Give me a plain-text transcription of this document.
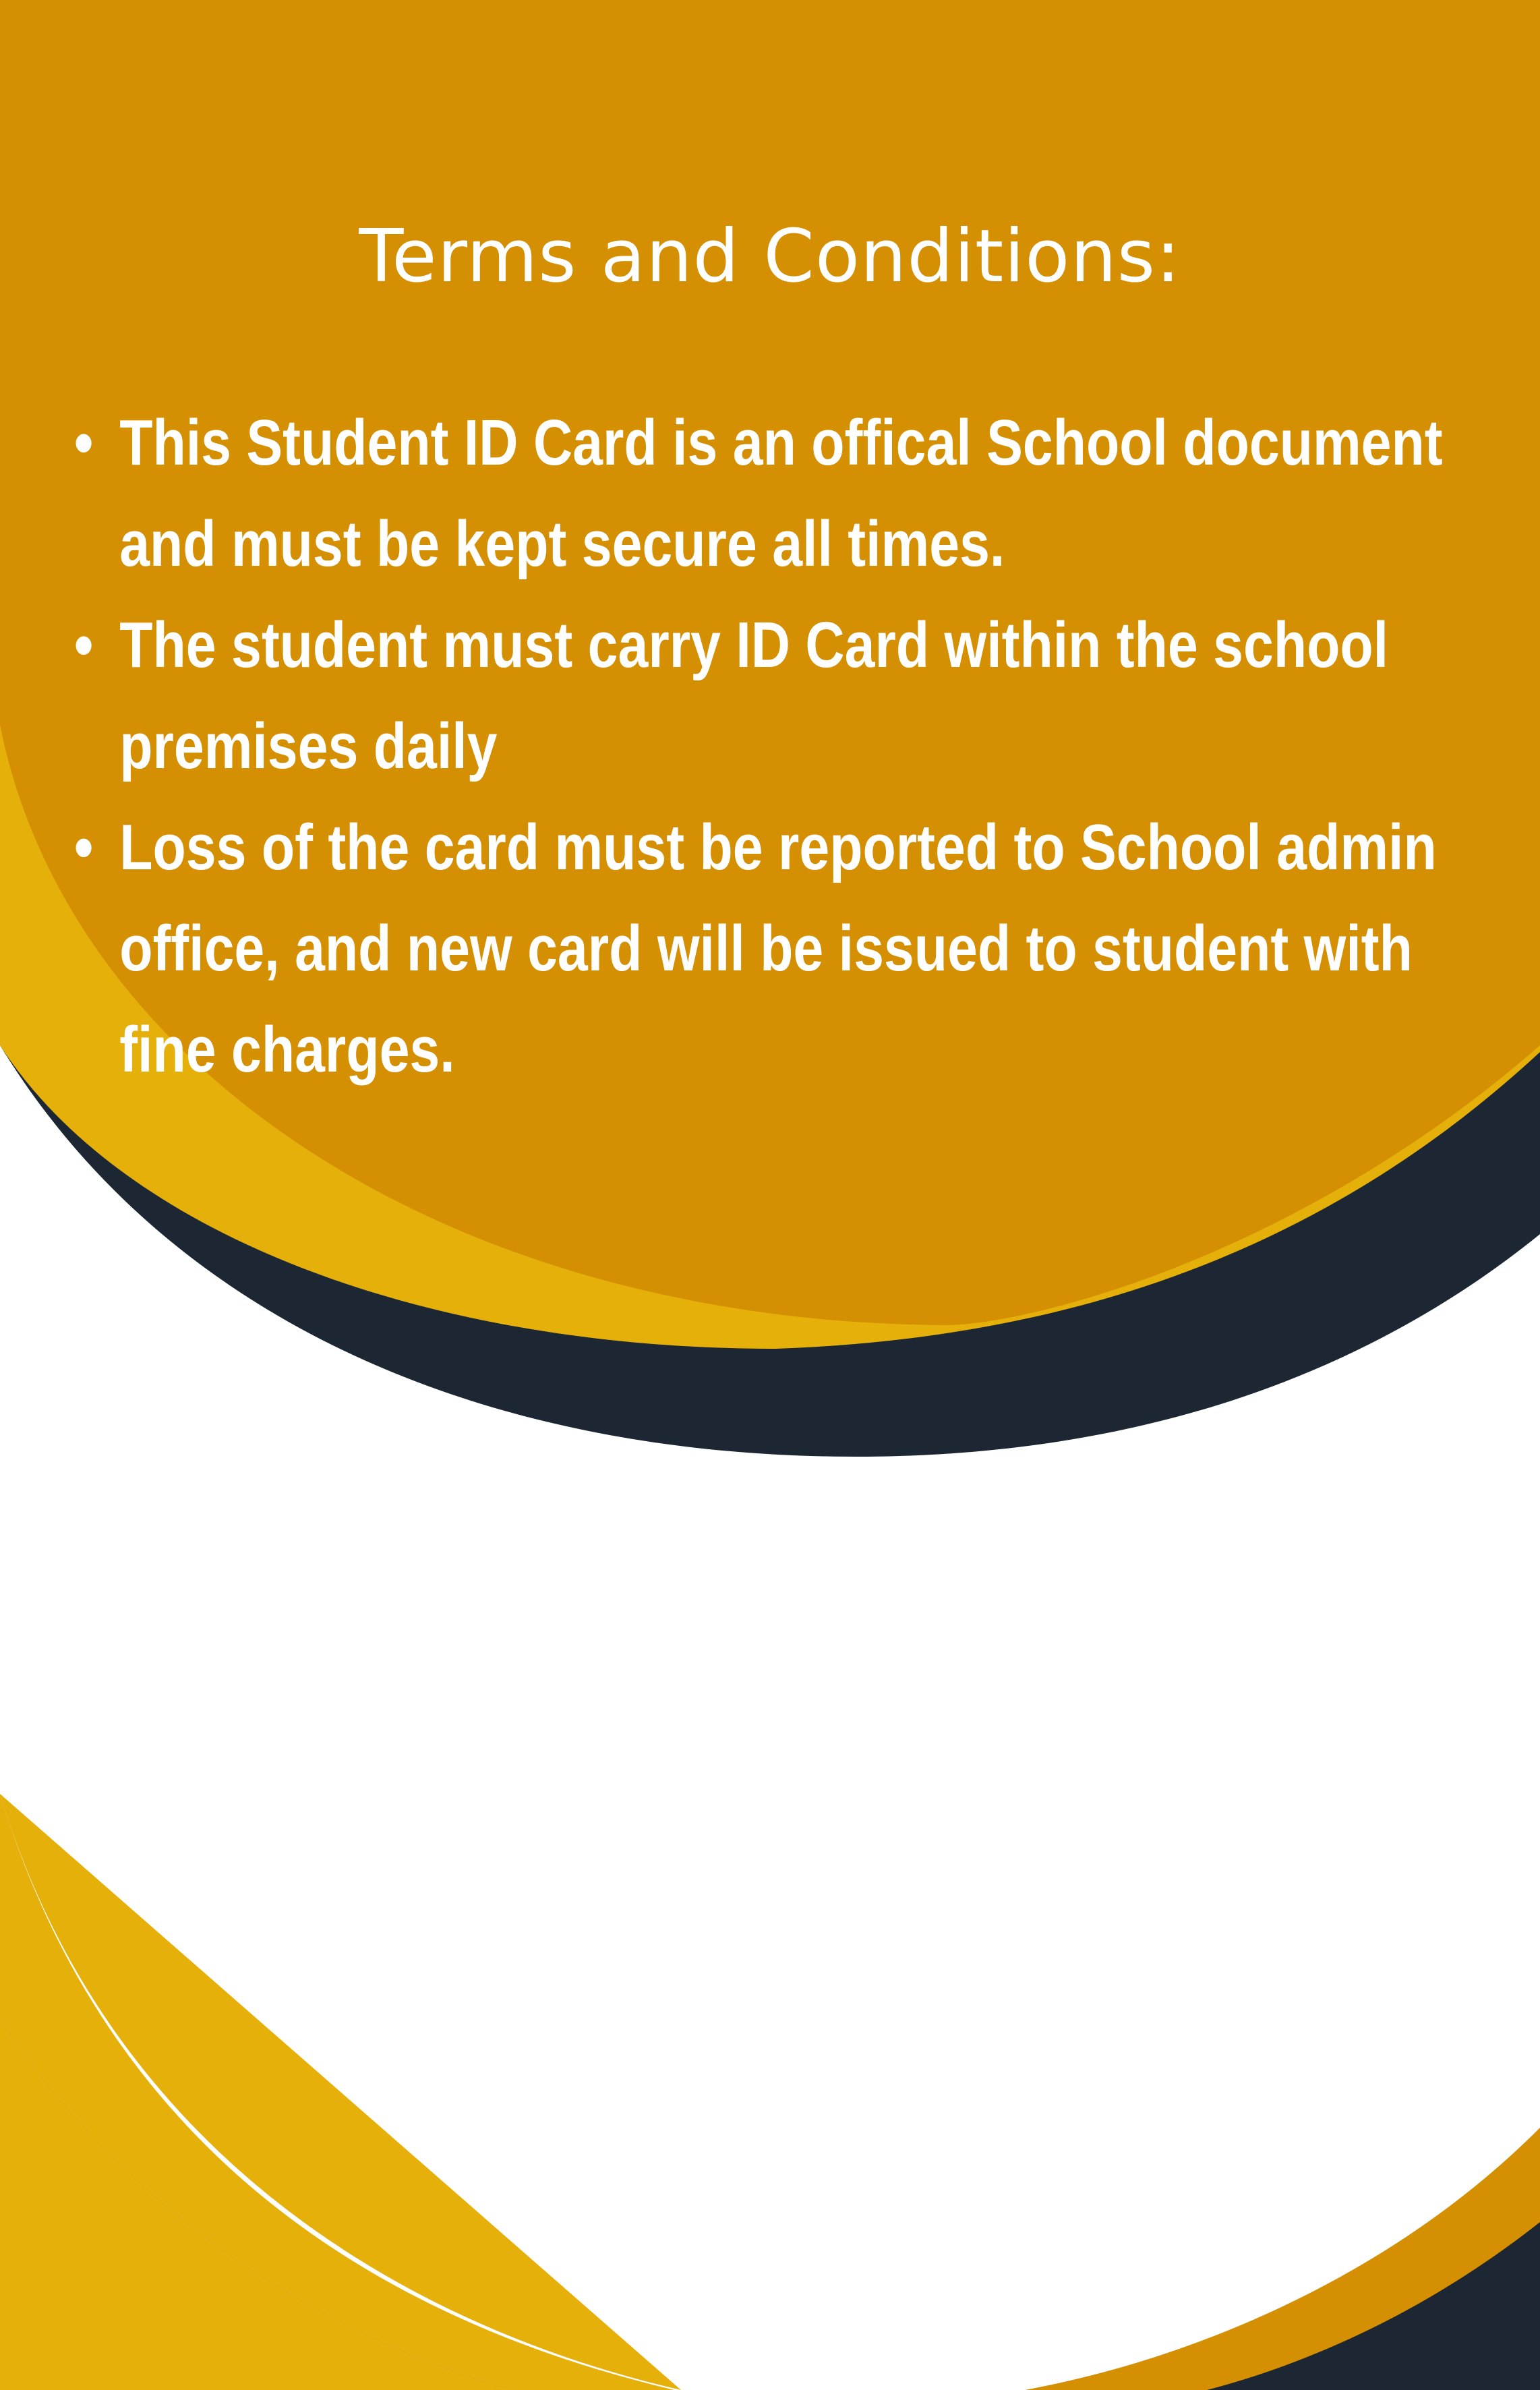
Terms and Conditions:
• This Student ID Card is an offical School document and must be kept secure all times.
• The student must carry ID Card within the school premises daily
• Loss of the card must be reported to School admin office, and new card will be issued to student with fine charges.
